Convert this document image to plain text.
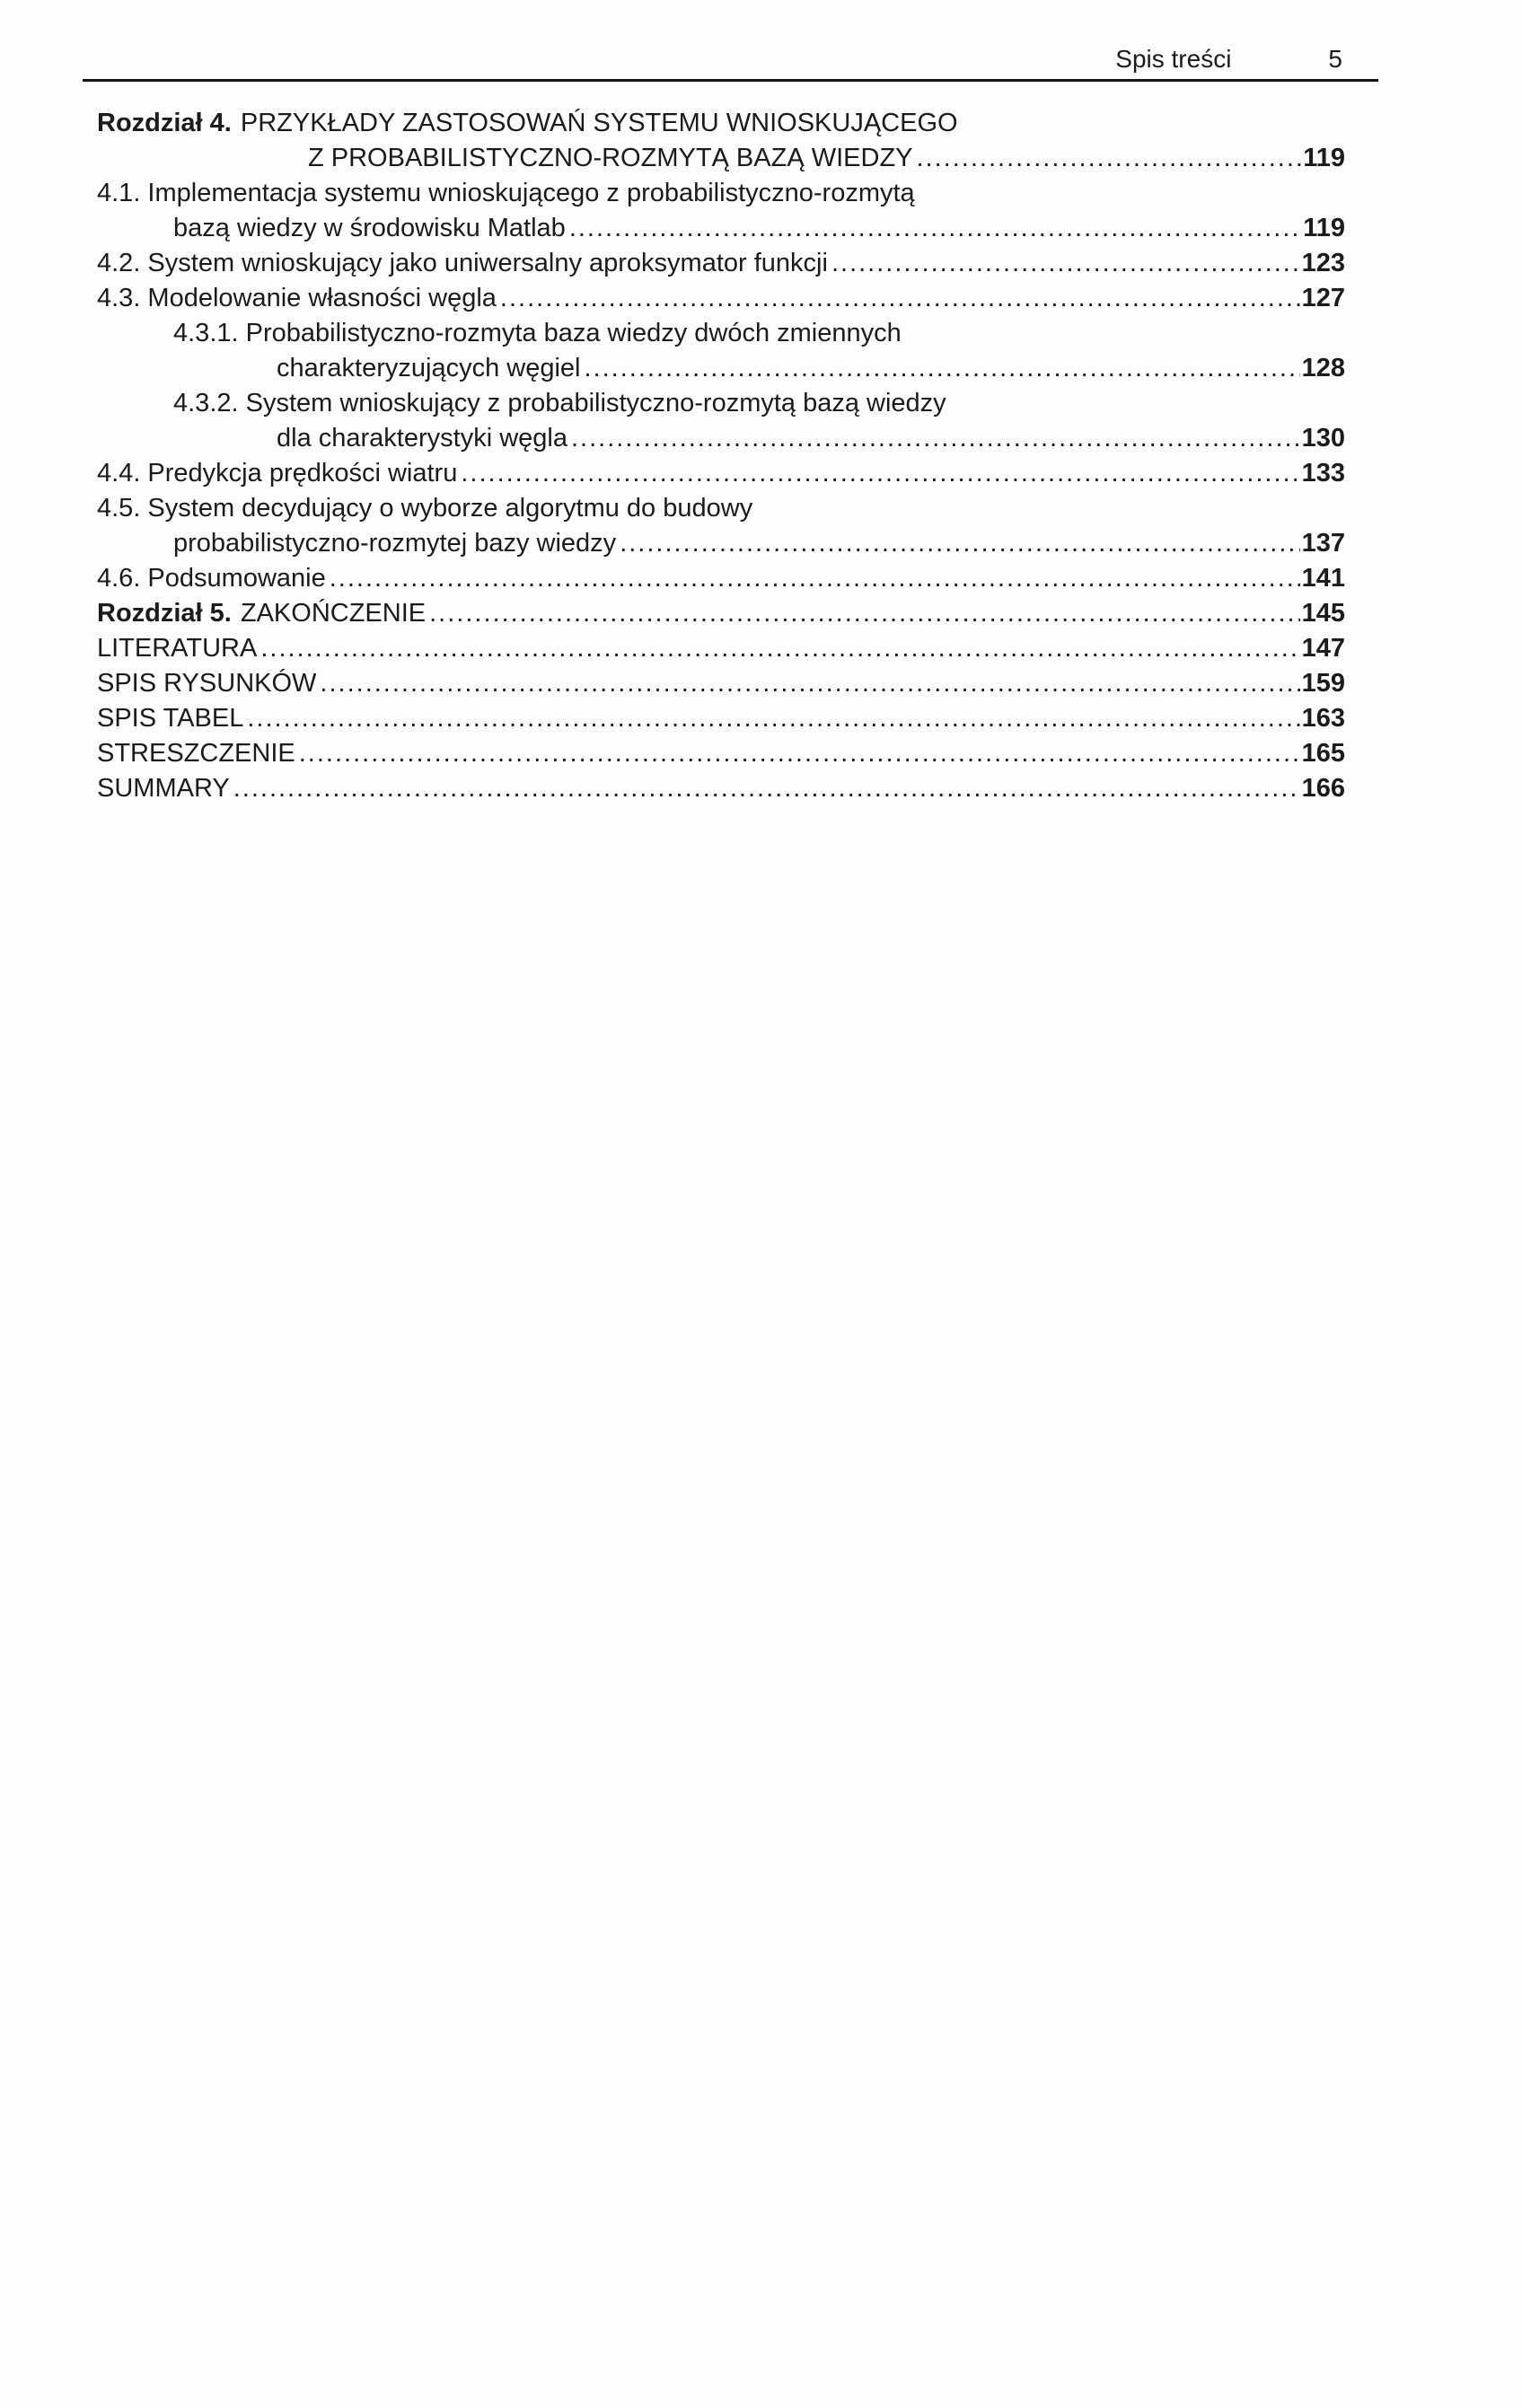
Spis treści	5
Rozdział 4. PRZYKŁADY ZASTOSOWAŃ SYSTEMU WNIOSKUJĄCEGO
Z PROBABILISTYCZNO-ROZMYTĄ BAZĄ WIEDZY .....	119
4.1. Implementacja systemu wnioskującego z probabilistyczno-rozmytą
bazą wiedzy w środowisku Matlab .....	119
4.2. System wnioskujący jako uniwersalny aproksymator funkcji .....	123
4.3. Modelowanie własności węgla .....	127
4.3.1. Probabilistyczno-rozmyta baza wiedzy dwóch zmiennych
charakteryzujących węgiel .....	128
4.3.2. System wnioskujący z probabilistyczno-rozmytą bazą wiedzy
dla charakterystyki węgla .....	130
4.4. Predykcja prędkości wiatru .....	133
4.5. System decydujący o wyborze algorytmu do budowy
probabilistyczno-rozmytej bazy wiedzy .....	137
4.6. Podsumowanie .....	141
Rozdział 5. ZAKOŃCZENIE .....	145
LITERATURA .....	147
SPIS RYSUNKÓW .....	159
SPIS TABEL .....	163
STRESZCZENIE .....	165
SUMMARY .....	166
